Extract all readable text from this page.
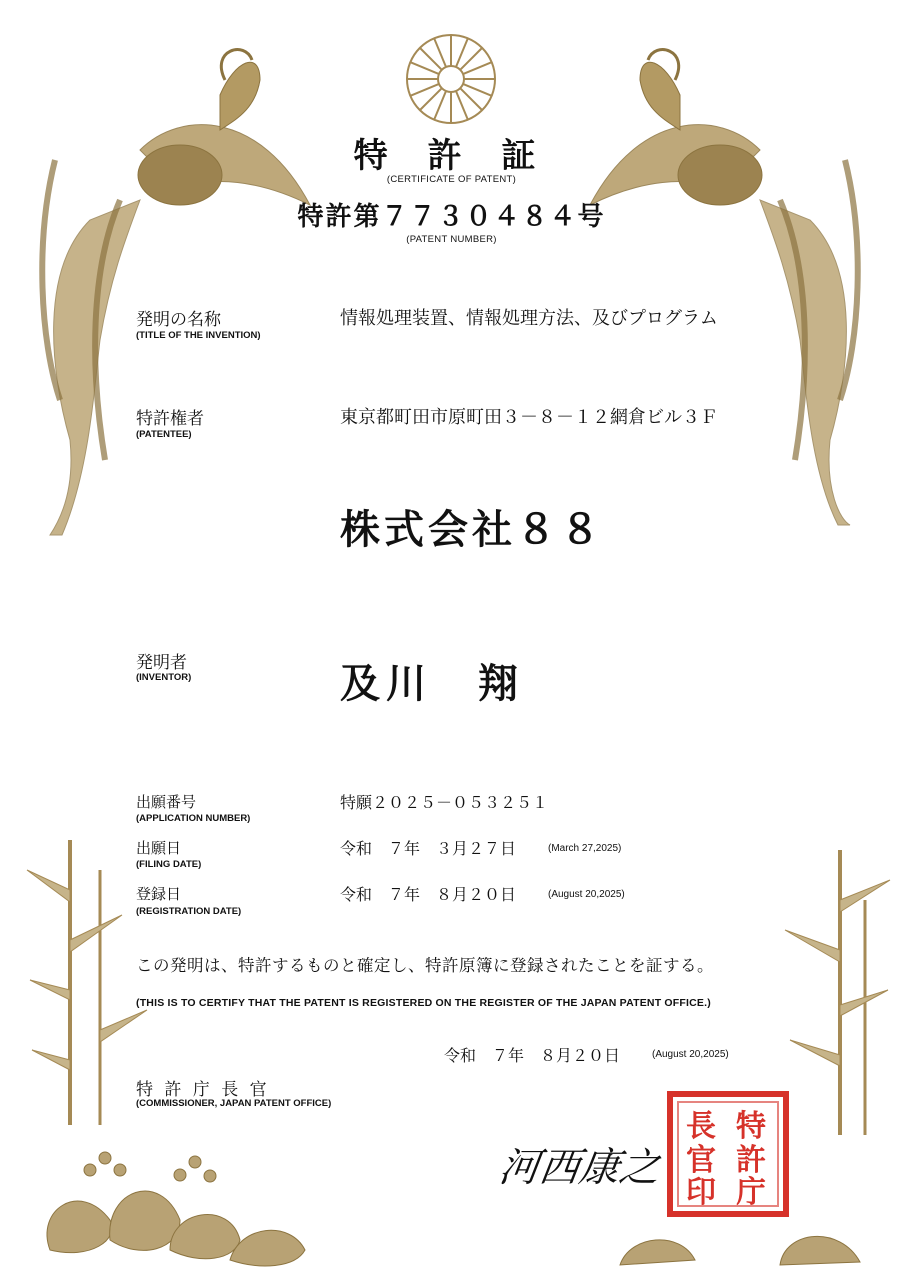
特 許 証
(CERTIFICATE OF PATENT)
特許第７７３０４８４号
(PATENT NUMBER)
発明の名称
(TITLE OF THE INVENTION)
情報処理装置、情報処理方法、及びプログラム
特許権者
(PATENTEE)
東京都町田市原町田３－８－１２網倉ビル３Ｆ
株式会社８８
発明者
(INVENTOR)	及川　翔
出願番号
(APPLICATION NUMBER)
特願２０２５－０５３２５１
出願日
(FILING DATE)
令和　７年　３月２７日	(March 27,2025)
登録日
(REGISTRATION DATE)
令和　７年　８月２０日	(August 20,2025)
この発明は、特許するものと確定し、特許原簿に登録されたことを証する。
(THIS IS TO CERTIFY THAT THE PATENT IS REGISTERED ON THE REGISTER OF THE JAPAN PATENT OFFICE.)
令和　７年　８月２０日	(August 20,2025)
特 許 庁 長 官
(COMMISSIONER, JAPAN PATENT OFFICE)
河西康之
特
許
庁
長
官
印
